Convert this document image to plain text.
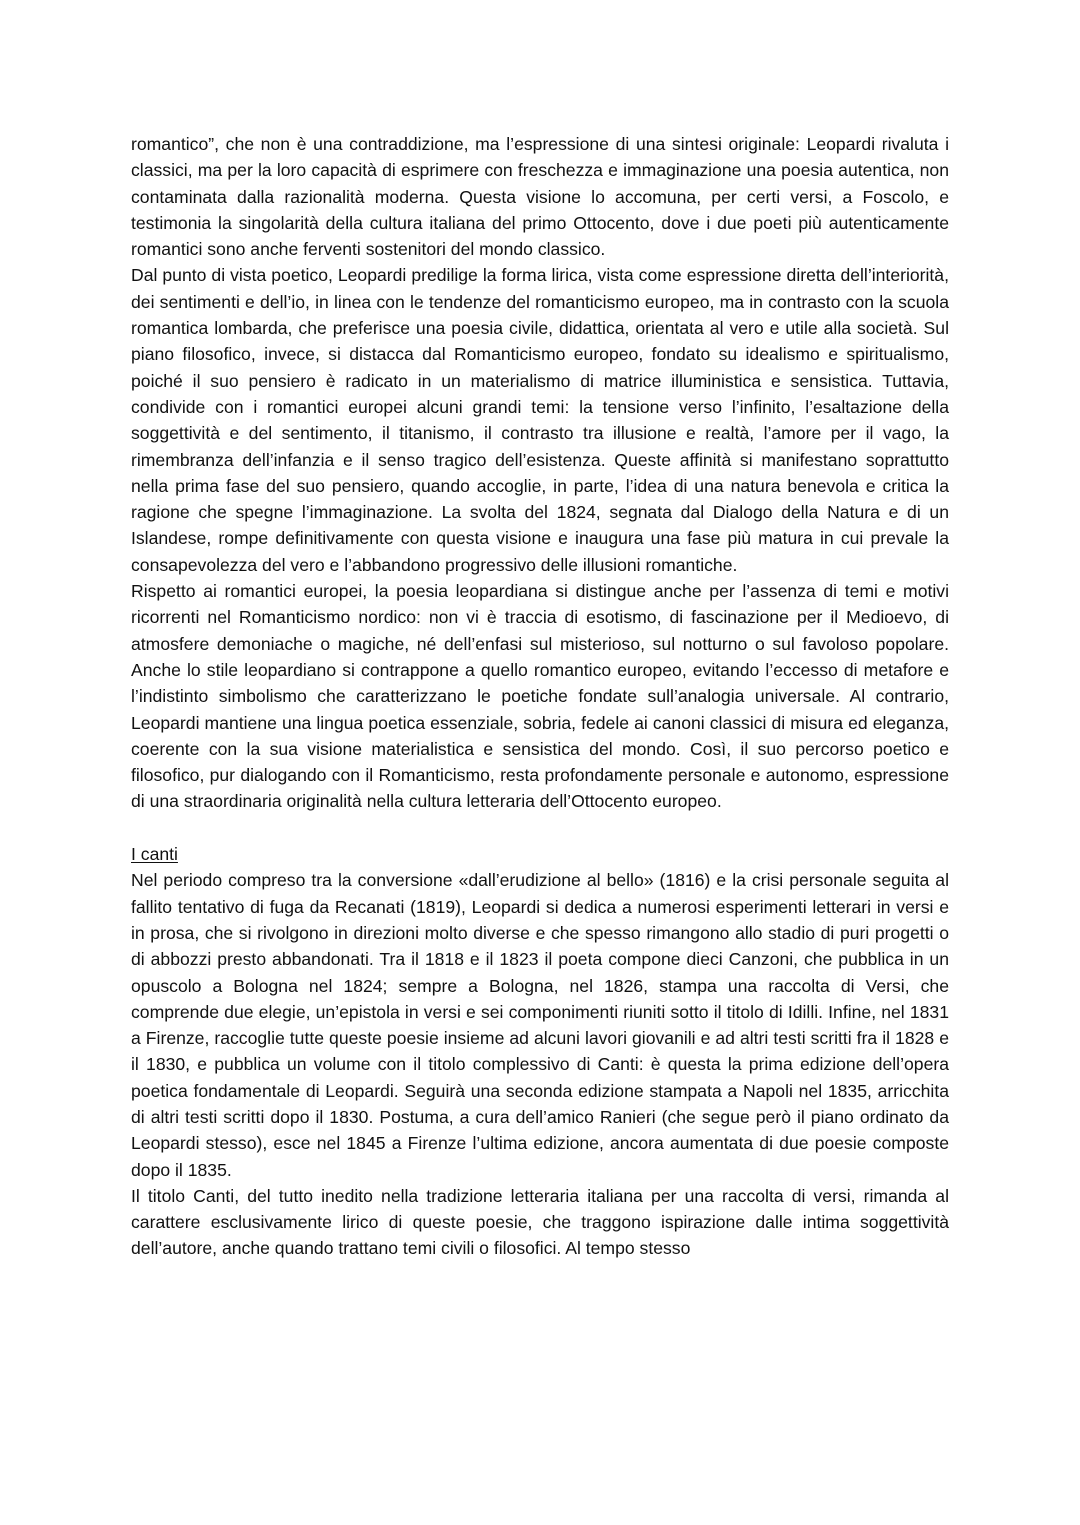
romantico”, che non è una contraddizione, ma l’espressione di una sintesi originale: Leopardi rivaluta i classici, ma per la loro capacità di esprimere con freschezza e immaginazione una poesia autentica, non contaminata dalla razionalità moderna. Questa visione lo accomuna, per certi versi, a Foscolo, e testimonia la singolarità della cultura italiana del primo Ottocento, dove i due poeti più autenticamente romantici sono anche ferventi sostenitori del mondo classico.

Dal punto di vista poetico, Leopardi predilige la forma lirica, vista come espressione diretta dell’interiorità, dei sentimenti e dell’io, in linea con le tendenze del romanticismo europeo, ma in contrasto con la scuola romantica lombarda, che preferisce una poesia civile, didattica, orientata al vero e utile alla società. Sul piano filosofico, invece, si distacca dal Romanticismo europeo, fondato su idealismo e spiritualismo, poiché il suo pensiero è radicato in un materialismo di matrice illuministica e sensistica. Tuttavia, condivide con i romantici europei alcuni grandi temi: la tensione verso l’infinito, l’esaltazione della soggettività e del sentimento, il titanismo, il contrasto tra illusione e realtà, l’amore per il vago, la rimembranza dell’infanzia e il senso tragico dell’esistenza. Queste affinità si manifestano soprattutto nella prima fase del suo pensiero, quando accoglie, in parte, l’idea di una natura benevola e critica la ragione che spegne l’immaginazione. La svolta del 1824, segnata dal Dialogo della Natura e di un Islandese, rompe definitivamente con questa visione e inaugura una fase più matura in cui prevale la consapevolezza del vero e l’abbandono progressivo delle illusioni romantiche.

Rispetto ai romantici europei, la poesia leopardiana si distingue anche per l’assenza di temi e motivi ricorrenti nel Romanticismo nordico: non vi è traccia di esotismo, di fascinazione per il Medioevo, di atmosfere demoniache o magiche, né dell’enfasi sul misterioso, sul notturno o sul favoloso popolare. Anche lo stile leopardiano si contrappone a quello romantico europeo, evitando l’eccesso di metafore e l’indistinto simbolismo che caratterizzano le poetiche fondate sull’analogia universale. Al contrario, Leopardi mantiene una lingua poetica essenziale, sobria, fedele ai canoni classici di misura ed eleganza, coerente con la sua visione materialistica e sensistica del mondo. Così, il suo percorso poetico e filosofico, pur dialogando con il Romanticismo, resta profondamente personale e autonomo, espressione di una straordinaria originalità nella cultura letteraria dell’Ottocento europeo.

I canti

Nel periodo compreso tra la conversione «dall’erudizione al bello» (1816) e la crisi personale seguita al fallito tentativo di fuga da Recanati (1819), Leopardi si dedica a numerosi esperimenti letterari in versi e in prosa, che si rivolgono in direzioni molto diverse e che spesso rimangono allo stadio di puri progetti o di abbozzi presto abbandonati. Tra il 1818 e il 1823 il poeta compone dieci Canzoni, che pubblica in un opuscolo a Bologna nel 1824; sempre a Bologna, nel 1826, stampa una raccolta di Versi, che comprende due elegie, un’epistola in versi e sei componimenti riuniti sotto il titolo di Idilli. Infine, nel 1831 a Firenze, raccoglie tutte queste poesie insieme ad alcuni lavori giovanili e ad altri testi scritti fra il 1828 e il 1830, e pubblica un volume con il titolo complessivo di Canti: è questa la prima edizione dell’opera poetica fondamentale di Leopardi. Seguirà una seconda edizione stampata a Napoli nel 1835, arricchita di altri testi scritti dopo il 1830. Postuma, a cura dell’amico Ranieri (che segue però il piano ordinato da Leopardi stesso), esce nel 1845 a Firenze l’ultima edizione, ancora aumentata di due poesie composte dopo il 1835.

Il titolo Canti, del tutto inedito nella tradizione letteraria italiana per una raccolta di versi, rimanda al carattere esclusivamente lirico di queste poesie, che traggono ispirazione dalle intima soggettività dell’autore, anche quando trattano temi civili o filosofici. Al tempo stesso
